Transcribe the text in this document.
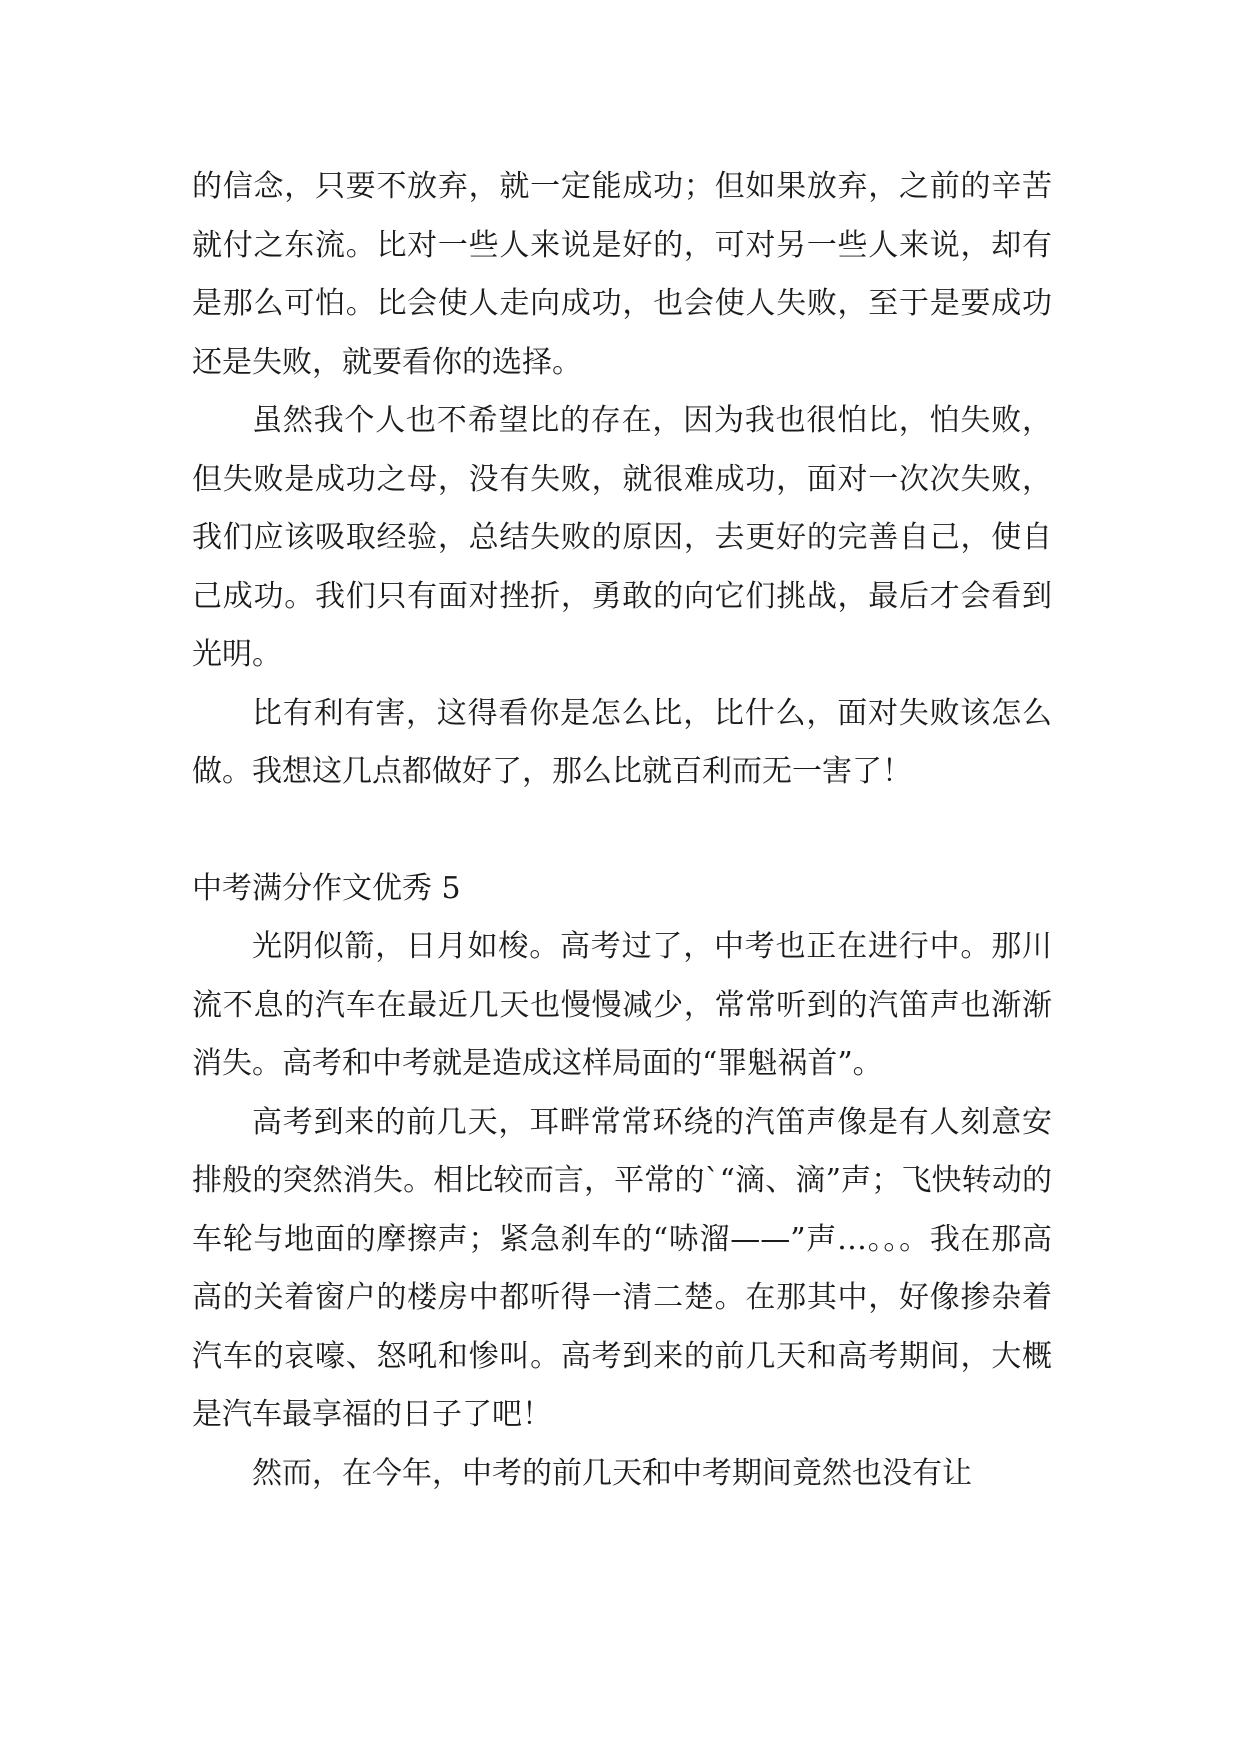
的信念，只要不放弃，就一定能成功；但如果放弃，之前的辛苦就付之东流。比对一些人来说是好的，可对另一些人来说，却有是那么可怕。比会使人走向成功，也会使人失败，至于是要成功还是失败，就要看你的选择。

虽然我个人也不希望比的存在，因为我也很怕比，怕失败，但失败是成功之母，没有失败，就很难成功，面对一次次失败，我们应该吸取经验，总结失败的原因，去更好的完善自己，使自己成功。我们只有面对挫折，勇敢的向它们挑战，最后才会看到光明。

比有利有害，这得看你是怎么比，比什么，面对失败该怎么做。我想这几点都做好了，那么比就百利而无一害了！

中考满分作文优秀 5

光阴似箭，日月如梭。高考过了，中考也正在进行中。那川流不息的汽车在最近几天也慢慢减少，常常听到的汽笛声也渐渐消失。高考和中考就是造成这样局面的“罪魁祸首”。

高考到来的前几天，耳畔常常环绕的汽笛声像是有人刻意安排般的突然消失。相比较而言，平常的`“滴、滴”声；飞快转动的车轮与地面的摩擦声；紧急刹车的“哧溜——”声…。。。我在那高高的关着窗户的楼房中都听得一清二楚。在那其中，好像掺杂着汽车的哀嚎、怒吼和惨叫。高考到来的前几天和高考期间，大概是汽车最享福的日子了吧！

然而，在今年，中考的前几天和中考期间竟然也没有让
